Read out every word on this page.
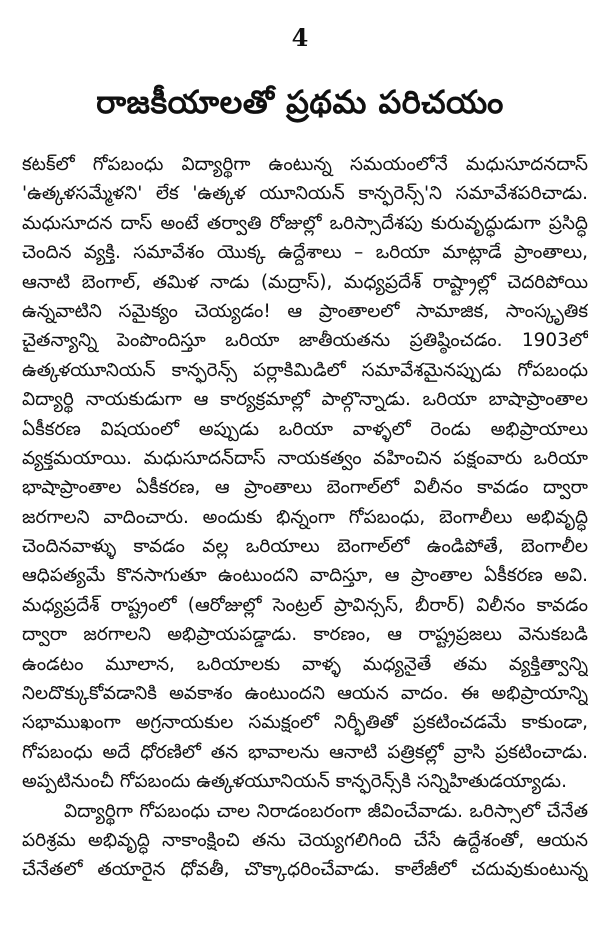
4
రాజకీయాలతో ప్రథమ పరిచయం
కటక్‌లో గోపబంధు విద్యార్థిగా ఉంటున్న సమయంలోనే మధుసూదనదాస్
'ఉత్కళసమ్మేళని' లేక 'ఉత్కళ యూనియన్ కాన్ఫరెన్స్'ని సమావేశపరిచాడు.
మధుసూదన దాస్ అంటే తర్వాతి రోజుల్లో ఒరిస్సాదేశపు కురువృద్ధుడుగా ప్రసిద్ధి
చెందిన వ్యక్తి. సమావేశం యొక్క ఉద్దేశాలు – ఒరియా మాట్లాడే ప్రాంతాలు,
ఆనాటి బెంగాల్, తమిళ నాడు (మద్రాస్), మధ్యప్రదేశ్ రాష్ట్రాల్లో చెదరిపోయి
ఉన్నవాటిని సమైక్యం చెయ్యడం! ఆ ప్రాంతాలలో సామాజిక, సాంస్కృతిక
చైతన్యాన్ని పెంపొందిస్తూ ఒరియా జాతీయతను ప్రతిష్ఠించడం. 1903లో
ఉత్కళయూనియన్ కాన్ఫరెన్స్ పర్లాకిమిడిలో సమావేశమైనప్పుడు గోపబంధు
విద్యార్థి నాయకుడుగా ఆ కార్యక్రమాల్లో పాల్గొన్నాడు. ఒరియా బాషాప్రాంతాల
ఏకీకరణ విషయంలో అప్పుడు ఒరియా వాళ్ళలో రెండు అభిప్రాయాలు
వ్యక్తమయాయి. మధుసూదన్‌దాస్ నాయకత్వం వహించిన పక్షంవారు ఒరియా
భాషాప్రాంతాల ఏకీకరణ, ఆ ప్రాంతాలు బెంగాల్‌లో విలీనం కావడం ద్వారా
జరగాలని వాదించారు. అందుకు భిన్నంగా గోపబంధు, బెంగాలీలు అభివృద్ధి
చెందినవాళ్ళు కావడం వల్ల ఒరియాలు బెంగాల్‌లో ఉండిపోతే, బెంగాలీల
ఆధిపత్యమే కొనసాగుతూ ఉంటుందని వాదిస్తూ, ఆ ప్రాంతాల ఏకీకరణ అవి.
మధ్యప్రదేశ్ రాష్ట్రంలో (ఆరోజుల్లో సెంట్రల్ ప్రావిన్సస్, బీరార్) విలీనం కావడం
ద్వారా జరగాలని అభిప్రాయపడ్డాడు. కారణం, ఆ రాష్ట్రప్రజలు వెనుకబడి
ఉండటం మూలాన, ఒరియాలకు వాళ్ళ మధ్యనైతే తమ వ్యక్తిత్వాన్ని
నిలదొక్కుకోవడానికి అవకాశం ఉంటుందని ఆయన వాదం. ఈ అభిప్రాయాన్ని
సభాముఖంగా అగ్రనాయకుల సమక్షంలో నిర్భీతితో ప్రకటించడమే కాకుండా,
గోపబంధు అదే ధోరణిలో తన భావాలను ఆనాటి పత్రికల్లో వ్రాసి ప్రకటించాడు.
అప్పటినుంచీ గోపబందు ఉత్కళయూనియన్ కాన్ఫరెన్స్‌కి సన్నిహితుడయ్యాడు.
విద్యార్థిగా గోపబంధు చాల నిరాడంబరంగా జీవించేవాడు. ఒరిస్సాలో చేనేత
పరిశ్రమ అభివృద్ధి నాకాంక్షించి తను చెయ్యగలిగింది చేసే ఉద్దేశంతో, ఆయన
చేనేతలో తయారైన ధోవతీ, చొక్కాధరించేవాడు. కాలేజీలో చదువుకుంటున్న
